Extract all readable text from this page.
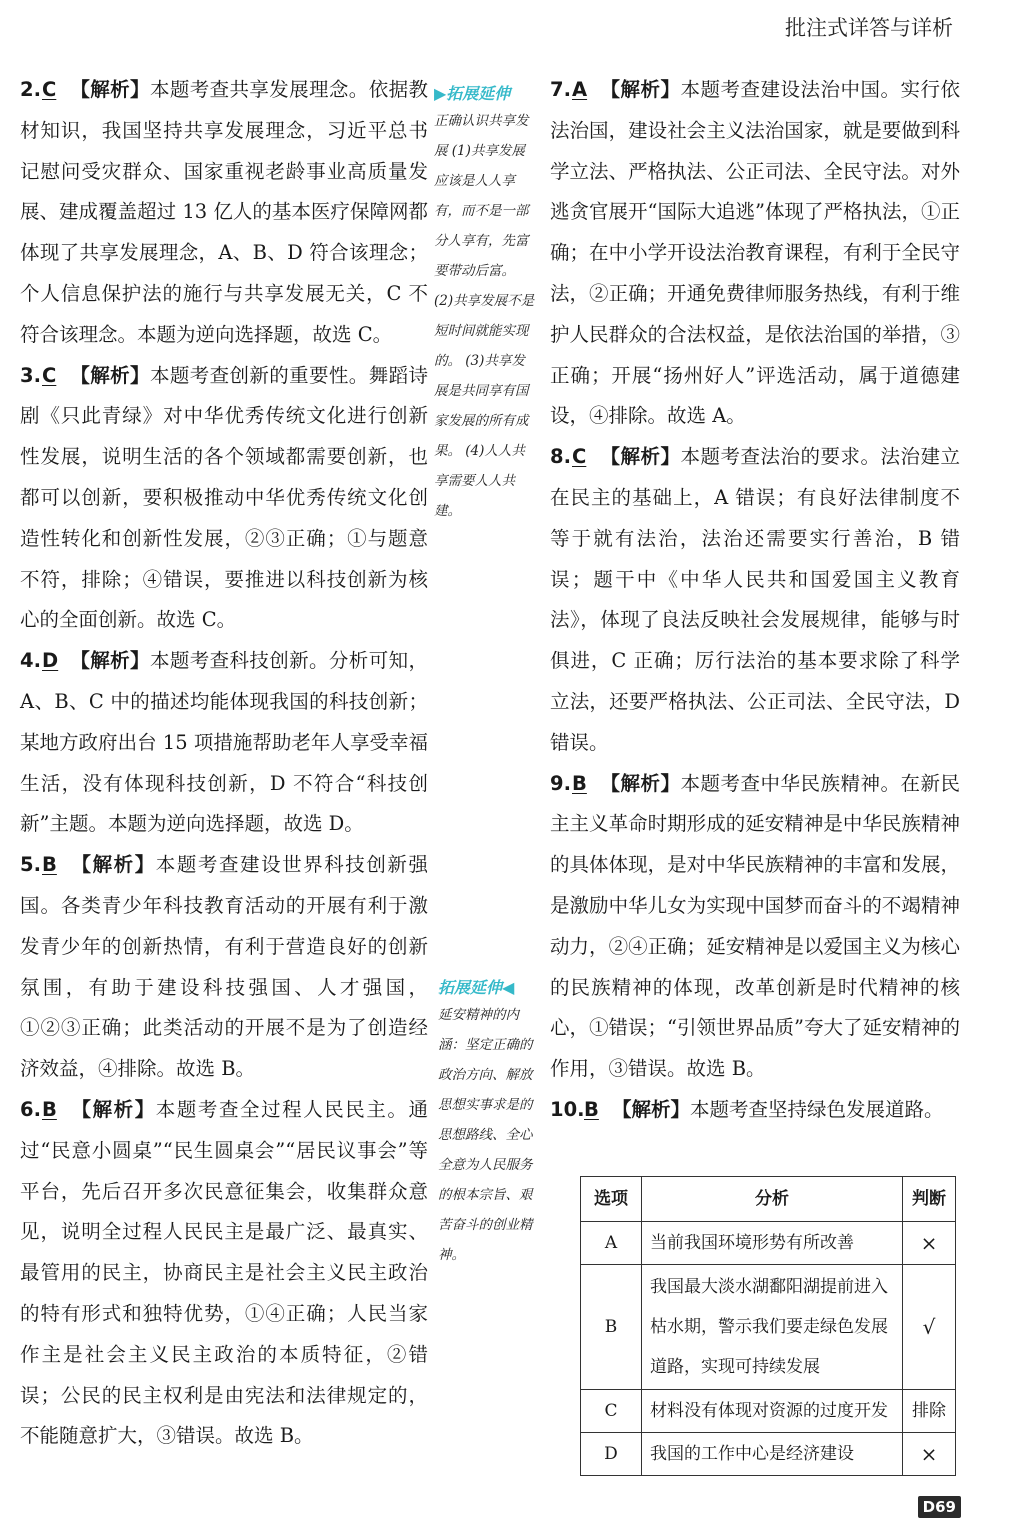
批注式详答与详析

2.C 【解析】本题考查共享发展理念。依据教材知识，我国坚持共享发展理念，习近平总书记慰问受灾群众、国家重视老龄事业高质量发展、建成覆盖超过 13 亿人的基本医疗保障网都体现了共享发展理念，A、B、D 符合该理念；个人信息保护法的施行与共享发展无关，C 不符合该理念。本题为逆向选择题，故选 C。

3.C 【解析】本题考查创新的重要性。舞蹈诗剧《只此青绿》对中华优秀传统文化进行创新性发展，说明生活的各个领域都需要创新，也都可以创新，要积极推动中华优秀传统文化创造性转化和创新性发展，②③正确；①与题意不符，排除；④错误，要推进以科技创新为核心的全面创新。故选 C。

4.D 【解析】本题考查科技创新。分析可知，A、B、C 中的描述均能体现我国的科技创新；某地方政府出台 15 项措施帮助老年人享受幸福生活，没有体现科技创新，D 不符合“科技创新”主题。本题为逆向选择题，故选 D。

5.B 【解析】本题考查建设世界科技创新强国。各类青少年科技教育活动的开展有利于激发青少年的创新热情，有利于营造良好的创新氛围，有助于建设科技强国、人才强国，①②③正确；此类活动的开展不是为了创造经济效益，④排除。故选 B。

6.B 【解析】本题考查全过程人民民主。通过“民意小圆桌”“民生圆桌会”“居民议事会”等平台，先后召开多次民意征集会，收集群众意见，说明全过程人民民主是最广泛、最真实、最管用的民主，协商民主是社会主义民主政治的特有形式和独特优势，①④正确；人民当家作主是社会主义民主政治的本质特征，②错误；公民的民主权利是由宪法和法律规定的，不能随意扩大，③错误。故选 B。

▶拓展延伸
正确认识共享发展 (1)共享发展应该是人人享有，而不是一部分人享有，先富要带动后富。 (2)共享发展不是短时间就能实现的。 (3)共享发展是共同享有国家发展的所有成果。 (4)人人共享需要人人共建。
拓展延伸◀
延安精神的内涵：坚定正确的政治方向、解放思想实事求是的思想路线、全心全意为人民服务的根本宗旨、艰苦奋斗的创业精神。

7.A 【解析】本题考查建设法治中国。实行依法治国，建设社会主义法治国家，就是要做到科学立法、严格执法、公正司法、全民守法。对外逃贪官展开“国际大追逃”体现了严格执法，①正确；在中小学开设法治教育课程，有利于全民守法，②正确；开通免费律师服务热线，有利于维护人民群众的合法权益，是依法治国的举措，③正确；开展“扬州好人”评选活动，属于道德建设，④排除。故选 A。

8.C 【解析】本题考查法治的要求。法治建立在民主的基础上，A 错误；有良好法律制度不等于就有法治，法治还需要实行善治，B 错误；题干中《中华人民共和国爱国主义教育法》，体现了良法反映社会发展规律，能够与时俱进，C 正确；厉行法治的基本要求除了科学立法，还要严格执法、公正司法、全民守法，D 错误。

9.B 【解析】本题考查中华民族精神。在新民主主义革命时期形成的延安精神是中华民族精神的具体体现，是对中华民族精神的丰富和发展，是激励中华儿女为实现中国梦而奋斗的不竭精神动力，②④正确；延安精神是以爱国主义为核心的民族精神的体现，改革创新是时代精神的核心，①错误；“引领世界品质”夸大了延安精神的作用，③错误。故选 B。

10.B 【解析】本题考查坚持绿色发展道路。

选项	分析	判断
A	当前我国环境形势有所改善	×
B	我国最大淡水湖鄱阳湖提前进入枯水期，警示我们要走绿色发展道路，实现可持续发展	√
C	材料没有体现对资源的过度开发	排除
D	我国的工作中心是经济建设	×
D69
